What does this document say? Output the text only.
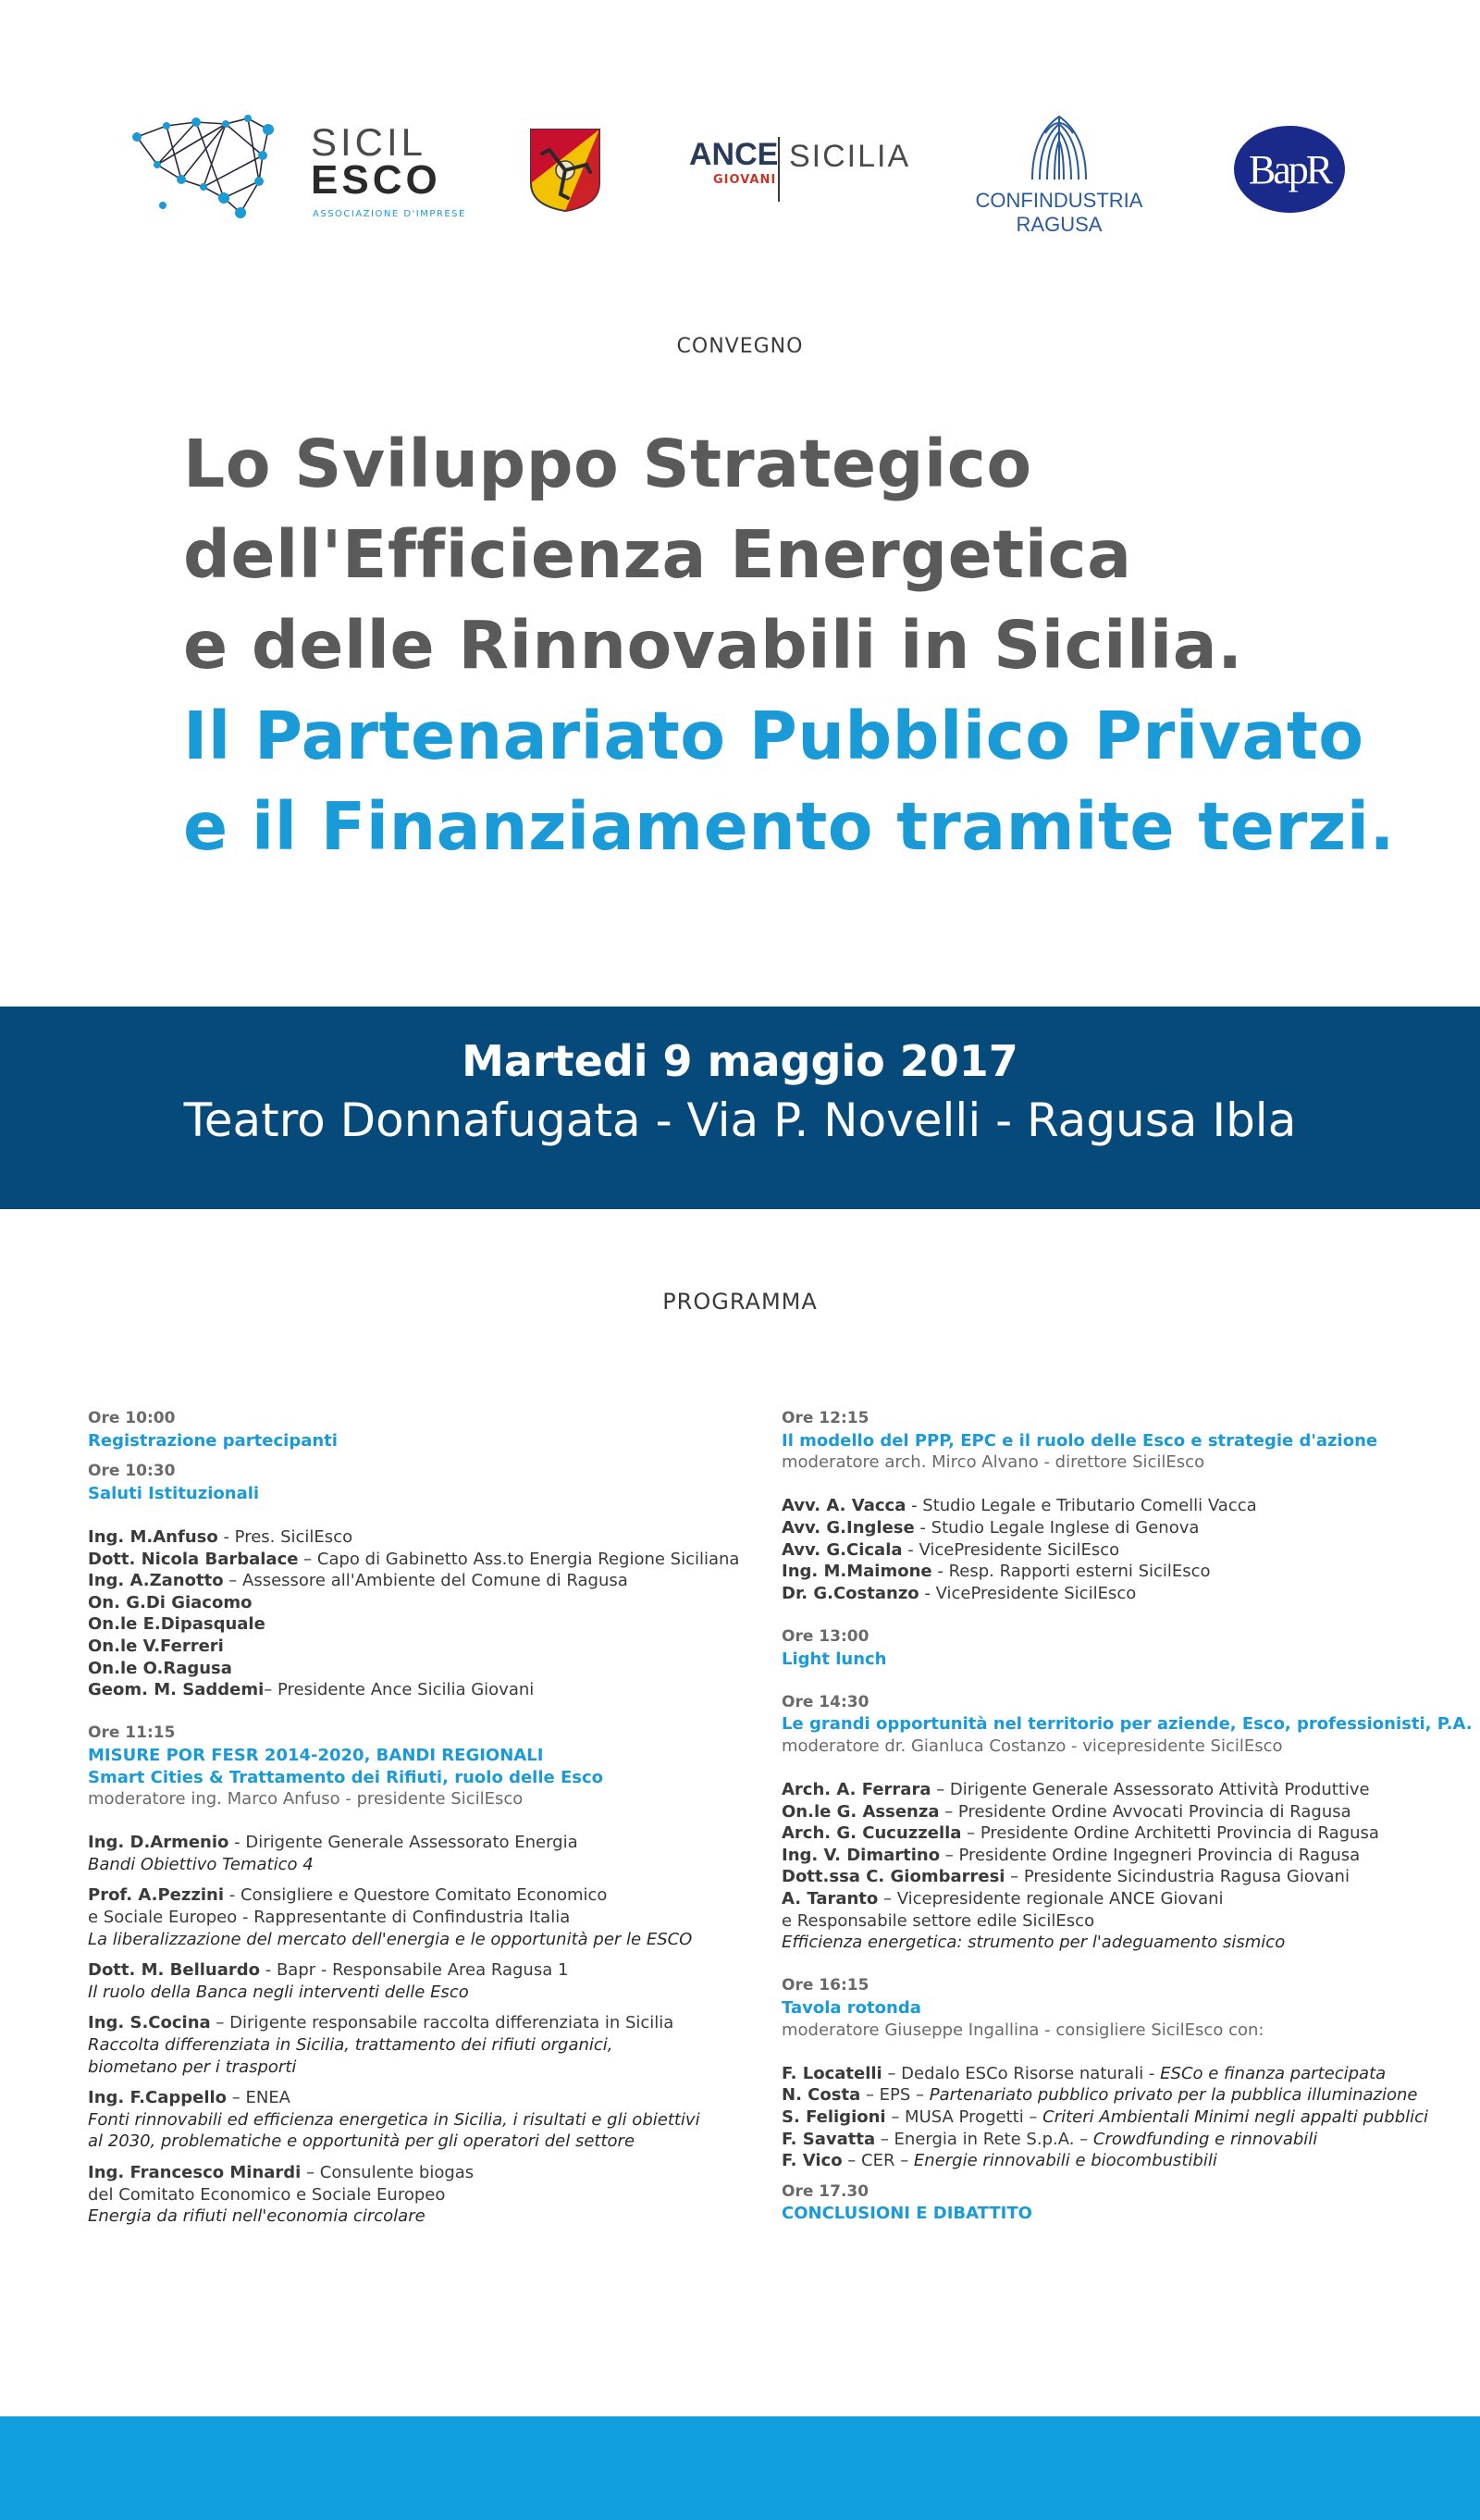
SICIL
ESCO
ASSOCIAZIONE D'IMPRESE
ANCE
GIOVANI
SICILIA
CONFINDUSTRIA
RAGUSA
BapR
CONVEGNO
Lo Sviluppo Strategico
dell'Efficienza Energetica
e delle Rinnovabili in Sicilia.
Il Partenariato Pubblico Privato
e il Finanziamento tramite terzi.
Martedi 9 maggio 2017
Teatro Donnafugata - Via P. Novelli - Ragusa Ibla
PROGRAMMA
Ore 10:00
Registrazione partecipanti
Ore 10:30
Saluti Istituzionali
Ing. M.Anfuso - Pres. SicilEsco
Dott. Nicola Barbalace – Capo di Gabinetto Ass.to Energia Regione Siciliana
Ing. A.Zanotto – Assessore all'Ambiente del Comune di Ragusa
On. G.Di Giacomo
On.le E.Dipasquale
On.le V.Ferreri
On.le O.Ragusa
Geom. M. Saddemi– Presidente Ance Sicilia Giovani
Ore 11:15
MISURE POR FESR 2014-2020, BANDI REGIONALI
Smart Cities & Trattamento dei Rifiuti, ruolo delle Esco
moderatore ing. Marco Anfuso - presidente SicilEsco
Ing. D.Armenio - Dirigente Generale Assessorato Energia
Bandi Obiettivo Tematico 4
Prof. A.Pezzini - Consigliere e Questore Comitato Economico
e Sociale Europeo - Rappresentante di Confindustria Italia
La liberalizzazione del mercato dell'energia e le opportunità per le ESCO
Dott. M. Belluardo - Bapr - Responsabile Area Ragusa 1
Il ruolo della Banca negli interventi delle Esco
Ing. S.Cocina – Dirigente responsabile raccolta differenziata in Sicilia
Raccolta differenziata in Sicilia, trattamento dei rifiuti organici,
biometano per i trasporti
Ing. F.Cappello – ENEA
Fonti rinnovabili ed efficienza energetica in Sicilia, i risultati e gli obiettivi
al 2030, problematiche e opportunità per gli operatori del settore
Ing. Francesco Minardi – Consulente biogas
del Comitato Economico e Sociale Europeo
Energia da rifiuti nell'economia circolare
Ore 12:15
Il modello del PPP, EPC e il ruolo delle Esco e strategie d'azione
moderatore arch. Mirco Alvano - direttore SicilEsco
Avv. A. Vacca - Studio Legale e Tributario Comelli Vacca
Avv. G.Inglese - Studio Legale Inglese di Genova
Avv. G.Cicala - VicePresidente SicilEsco
Ing. M.Maimone - Resp. Rapporti esterni SicilEsco
Dr. G.Costanzo - VicePresidente SicilEsco
Ore 13:00
Light lunch
Ore 14:30
Le grandi opportunità nel territorio per aziende, Esco, professionisti, P.A.
moderatore dr. Gianluca Costanzo - vicepresidente SicilEsco
Arch. A. Ferrara – Dirigente Generale Assessorato Attività Produttive
On.le G. Assenza – Presidente Ordine Avvocati Provincia di Ragusa
Arch. G. Cucuzzella – Presidente Ordine Architetti Provincia di Ragusa
Ing. V. Dimartino – Presidente Ordine Ingegneri Provincia di Ragusa
Dott.ssa C. Giombarresi – Presidente Sicindustria Ragusa Giovani
A. Taranto – Vicepresidente regionale ANCE Giovani
e Responsabile settore edile SicilEsco
Efficienza energetica: strumento per l'adeguamento sismico
Ore 16:15
Tavola rotonda
moderatore Giuseppe Ingallina - consigliere SicilEsco con:
F. Locatelli – Dedalo ESCo Risorse naturali - ESCo e finanza partecipata
N. Costa – EPS – Partenariato pubblico privato per la pubblica illuminazione
S. Feligioni – MUSA Progetti – Criteri Ambientali Minimi negli appalti pubblici
F. Savatta – Energia in Rete S.p.A. – Crowdfunding e rinnovabili
F. Vico – CER – Energie rinnovabili e biocombustibili
Ore 17.30
CONCLUSIONI E DIBATTITO
